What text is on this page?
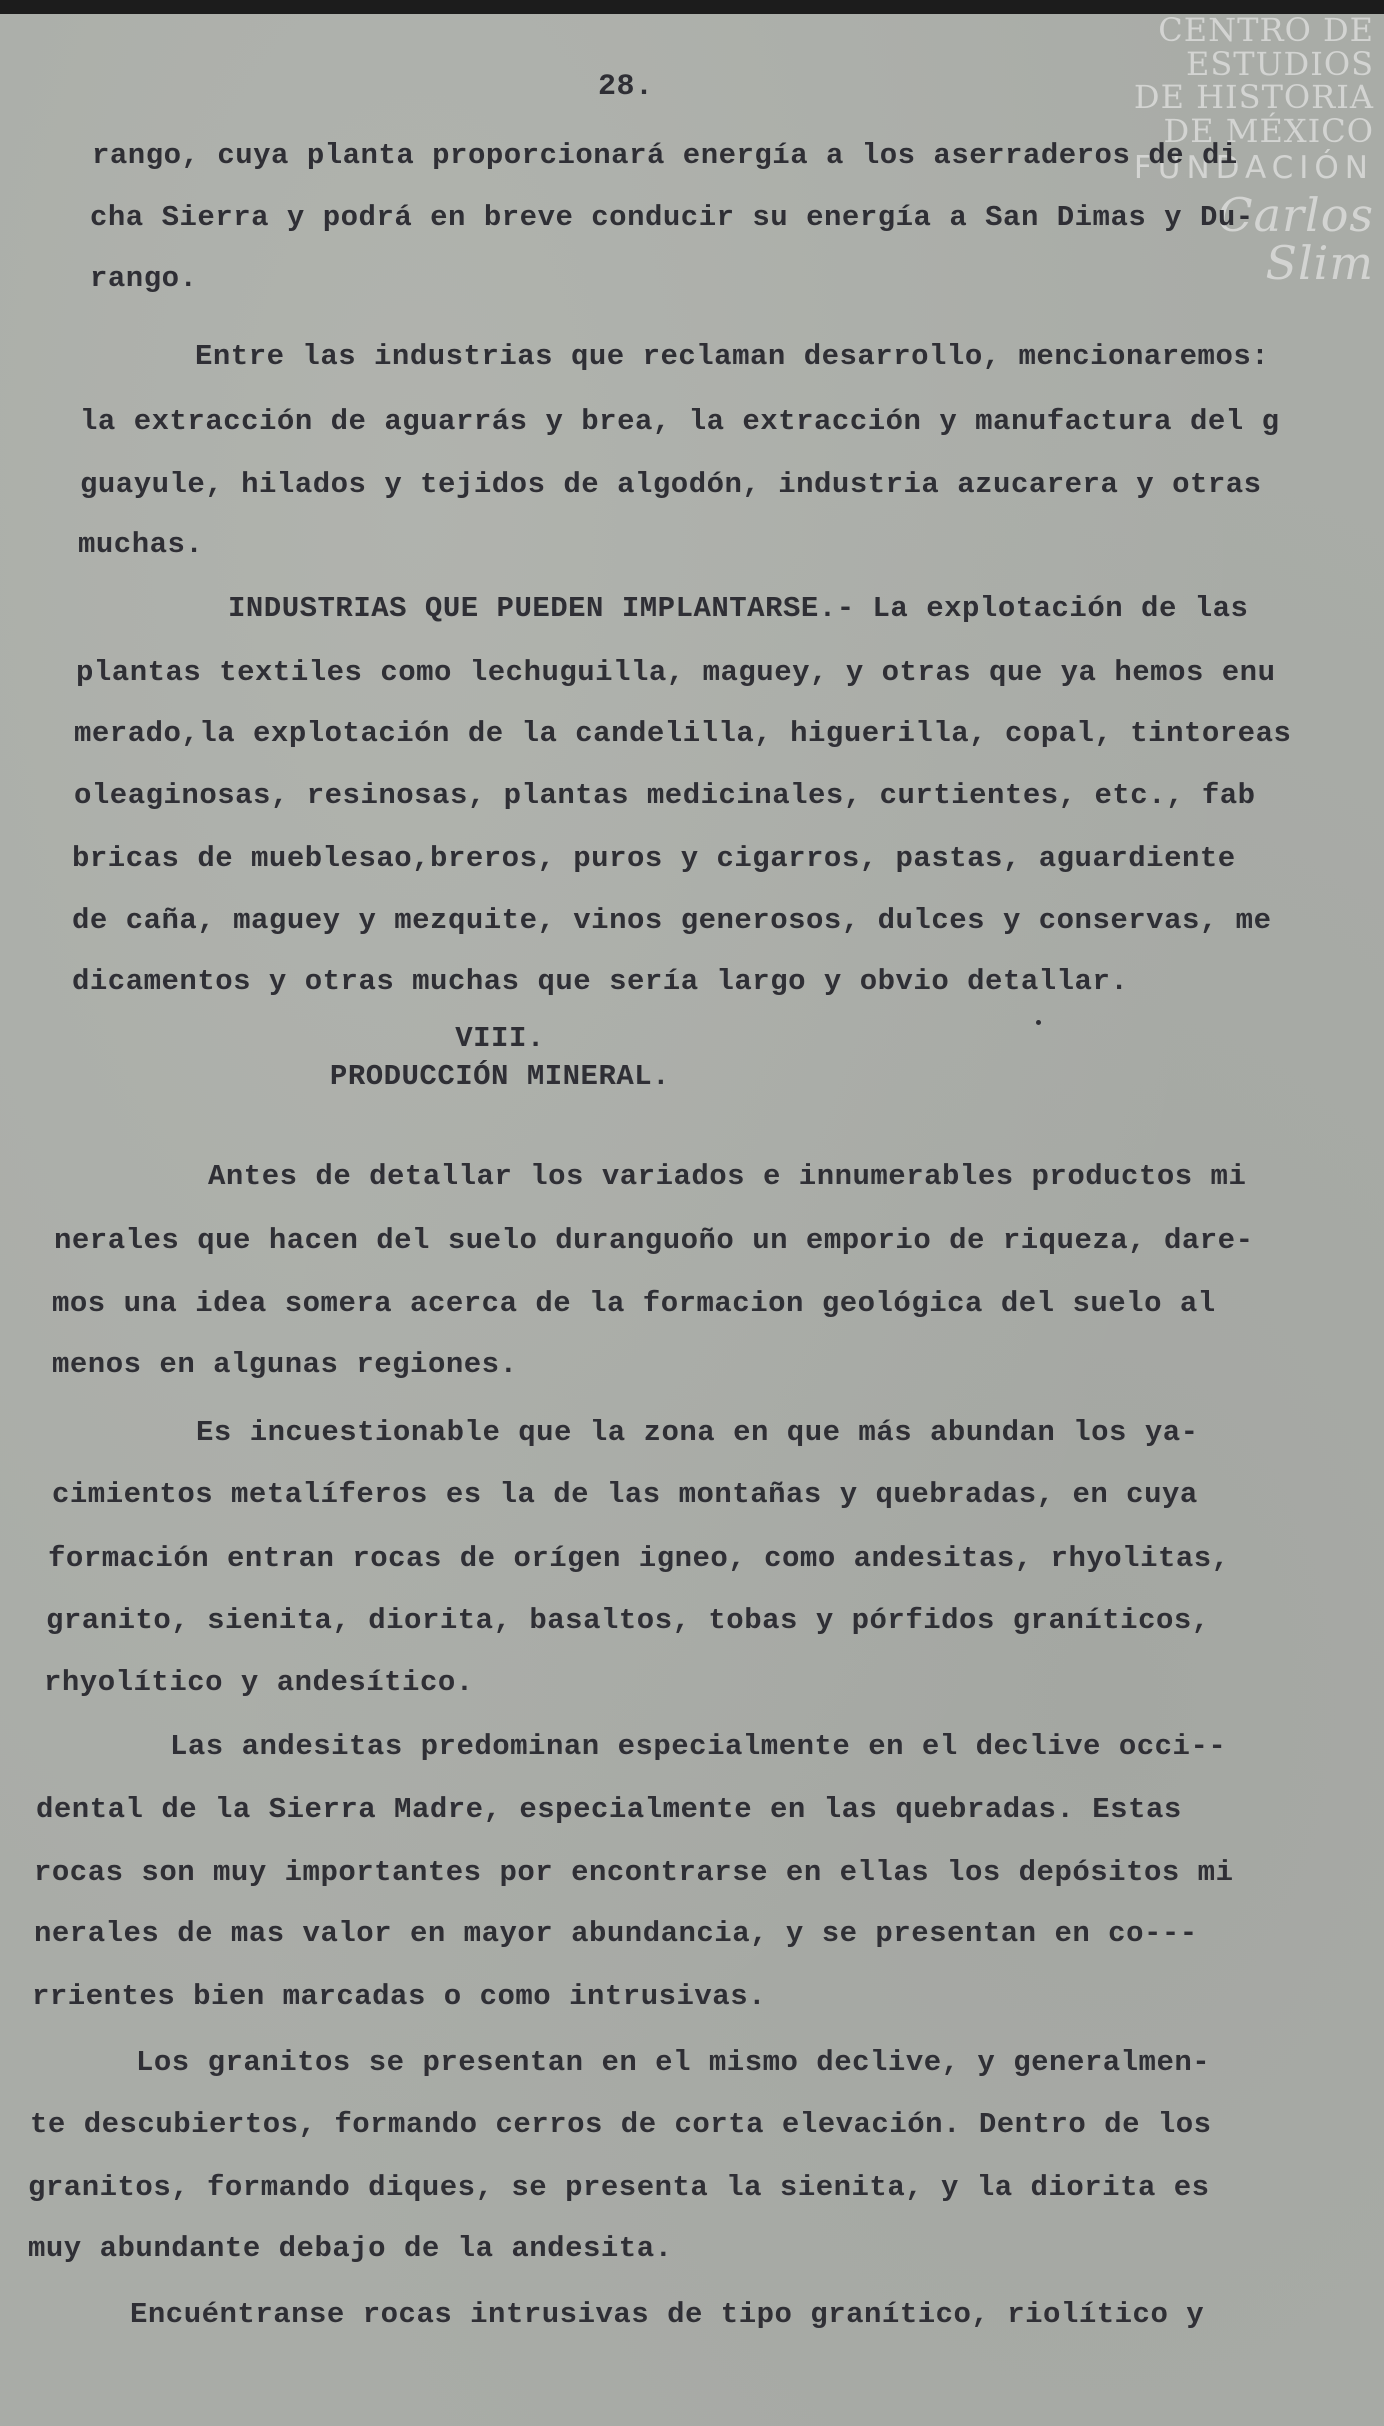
CENTRO DE
ESTUDIOS
DE HISTORIA
DE MÉXICO
FUNDACIÓN
Carlos Slim
28.
rango, cuya planta proporcionará energía a los aserraderos de di
cha Sierra y podrá en breve conducir su energía a San Dimas y Du-
rango.
Entre las industrias que reclaman desarrollo, mencionaremos:
la extracción de aguarrás y brea, la extracción y manufactura del g
guayule, hilados y tejidos de algodón, industria azucarera y otras
muchas.
INDUSTRIAS QUE PUEDEN IMPLANTARSE.- La explotación de las
plantas textiles como lechuguilla, maguey, y otras que ya hemos enu
merado,la explotación de la candelilla, higuerilla, copal, tintoreas
oleaginosas, resinosas, plantas medicinales, curtientes, etc., fab
bricas de mueblesao,breros, puros y cigarros, pastas, aguardiente
de caña, maguey y mezquite, vinos generosos, dulces y conservas, me
dicamentos y otras muchas que sería largo y obvio detallar.
VIII.
PRODUCCIÓN MINERAL.
Antes de detallar los variados e innumerables productos mi
nerales que hacen del suelo duranguoño un emporio de riqueza, dare-
mos una idea somera acerca de la formacion geológica del suelo al
menos en algunas regiones.
Es incuestionable que la zona en que más abundan los ya-
cimientos metalíferos es la de las montañas y quebradas, en cuya
formación entran rocas de orígen igneo, como andesitas, rhyolitas,
granito, sienita, diorita, basaltos, tobas y pórfidos graníticos,
rhyolítico y andesítico.
Las andesitas predominan especialmente en el declive occi--
dental de la Sierra Madre, especialmente en las quebradas. Estas
rocas son muy importantes por encontrarse en ellas los depósitos mi
nerales de mas valor en mayor abundancia, y se presentan en co---
rrientes bien marcadas o como intrusivas.
Los granitos se presentan en el mismo declive, y generalmen-
te descubiertos, formando cerros de corta elevación. Dentro de los
granitos, formando diques, se presenta la sienita, y la diorita es
muy abundante debajo de la andesita.
Encuéntranse rocas intrusivas de tipo granítico, riolítico y
